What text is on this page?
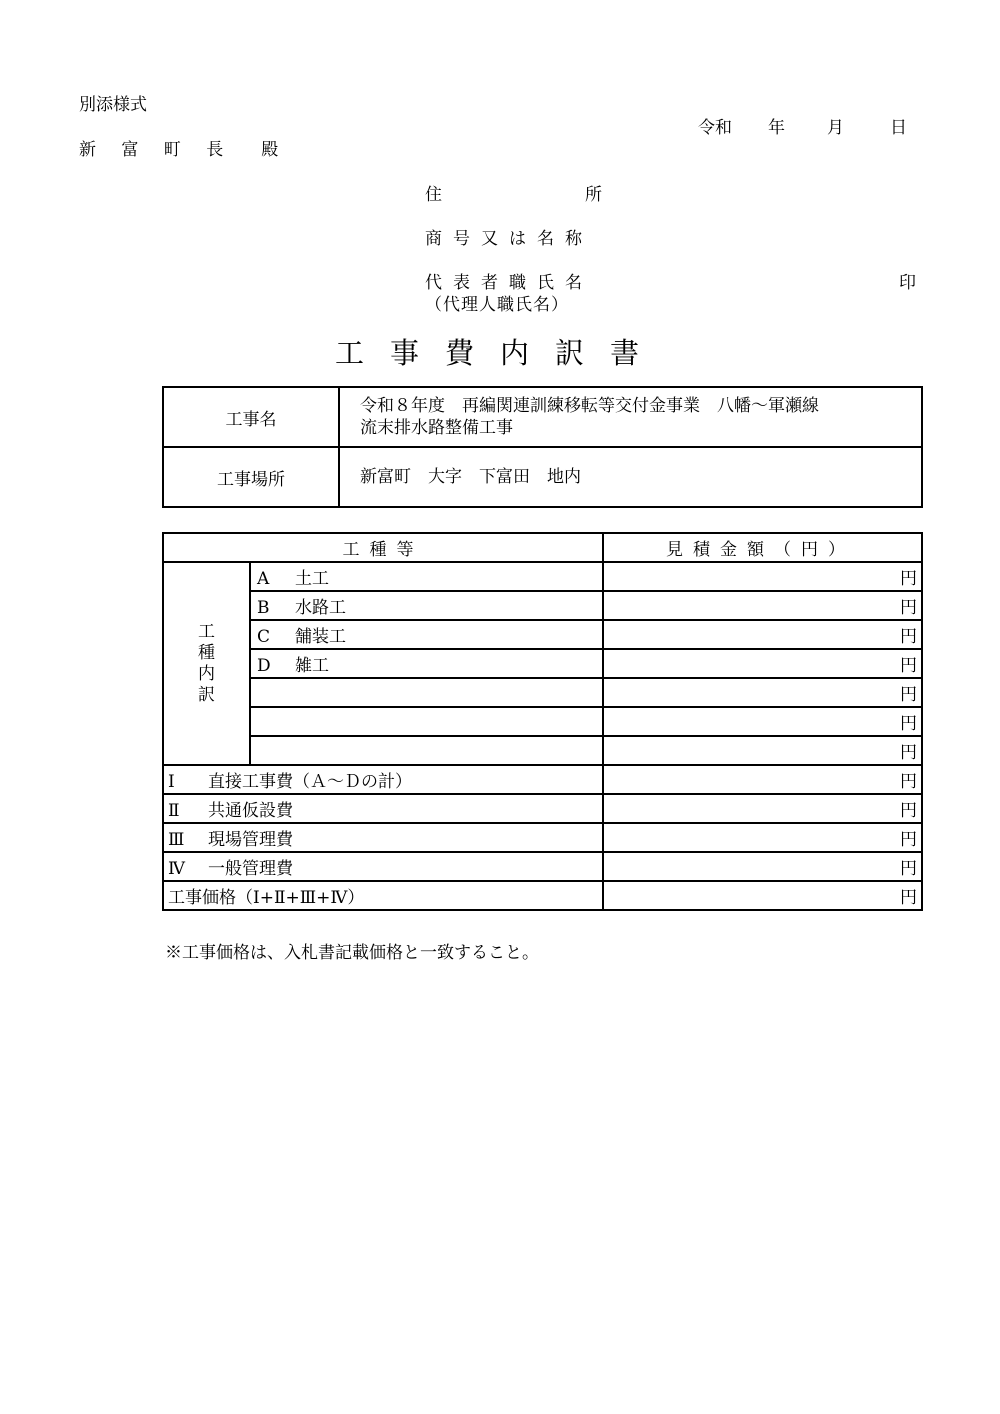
別添様式
令和 年 月	日
新 富 町 長 殿
住	所
商号又は名称
代表者職氏名
（代理人職氏名）
印
工事費内訳書
工事名	令和８年度　再編関連訓練移転等交付金事業　八幡～軍瀬線
流末排水路整備工事

工事場所	新富町　大字　下富田　地内
工種等		見積金額（円）

工
種
内
訳	A 土工	円
	B 水路工	円
	C 舗装工	円
	D 雑工	円
		円
		円
		円
Ⅰ 直接工事費（Ａ～Ｄの計）		円
Ⅱ 共通仮設費		円
Ⅲ 現場管理費		円
Ⅳ 一般管理費		円
工事価格（Ⅰ+Ⅱ+Ⅲ+Ⅳ）		円
※工事価格は、入札書記載価格と一致すること。
